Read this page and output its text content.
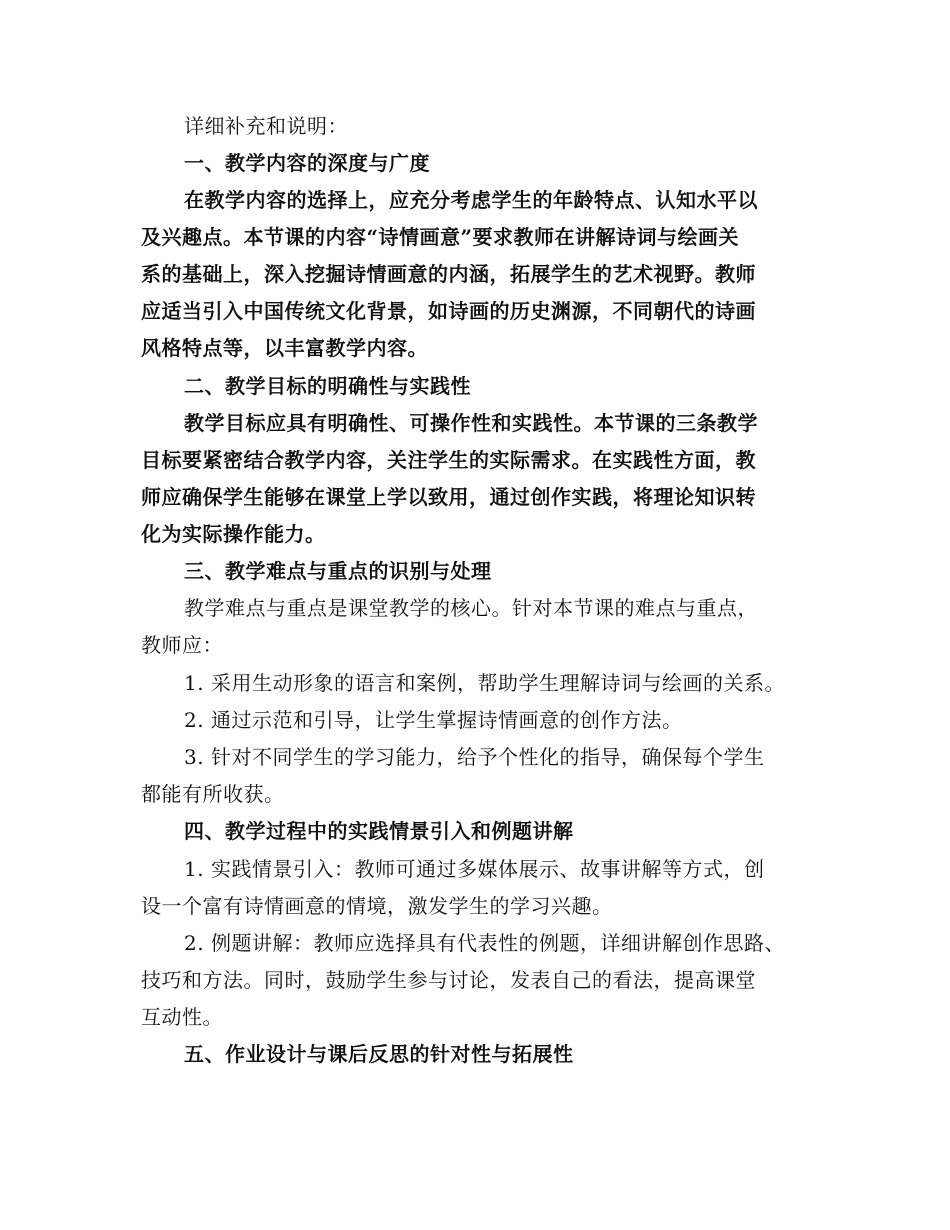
详细补充和说明：
一、教学内容的深度与广度
在教学内容的选择上，应充分考虑学生的年龄特点、认知水平以
及兴趣点。本节课的内容“诗情画意”要求教师在讲解诗词与绘画关
系的基础上，深入挖掘诗情画意的内涵，拓展学生的艺术视野。教师
应适当引入中国传统文化背景，如诗画的历史渊源，不同朝代的诗画
风格特点等，以丰富教学内容。
二、教学目标的明确性与实践性
教学目标应具有明确性、可操作性和实践性。本节课的三条教学
目标要紧密结合教学内容，关注学生的实际需求。在实践性方面，教
师应确保学生能够在课堂上学以致用，通过创作实践，将理论知识转
化为实际操作能力。
三、教学难点与重点的识别与处理
教学难点与重点是课堂教学的核心。针对本节课的难点与重点，
教师应：
1. 采用生动形象的语言和案例，帮助学生理解诗词与绘画的关系。
2. 通过示范和引导，让学生掌握诗情画意的创作方法。
3. 针对不同学生的学习能力，给予个性化的指导，确保每个学生
都能有所收获。
四、教学过程中的实践情景引入和例题讲解
1. 实践情景引入：教师可通过多媒体展示、故事讲解等方式，创
设一个富有诗情画意的情境，激发学生的学习兴趣。
2. 例题讲解：教师应选择具有代表性的例题，详细讲解创作思路、
技巧和方法。同时，鼓励学生参与讨论，发表自己的看法，提高课堂
互动性。
五、作业设计与课后反思的针对性与拓展性
